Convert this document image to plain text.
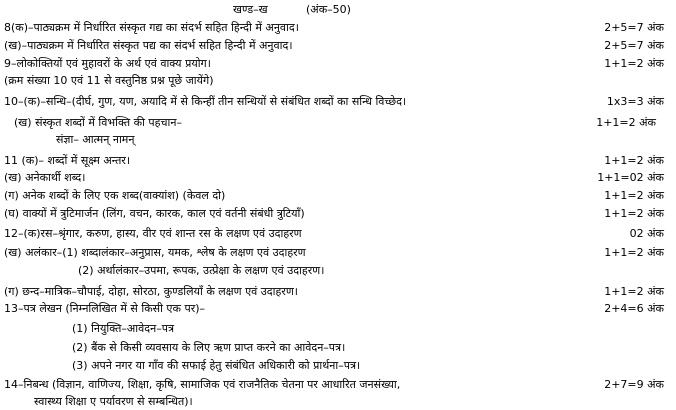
खण्ड–ख	(अंक–50)
8(क)–पाठ्यक्रम में निर्धारित संस्कृत गद्य का संदर्भ सहित हिन्दी में अनुवाद।	2+5=7 अंक
(ख)–पाठ्यक्रम में निर्धारित संस्कृत पद्य का संदर्भ सहित हिन्दी में अनुवाद।	2+5=7 अंक
9–लोकोक्तियों एवं मुहावरों के अर्थ एवं वाक्य प्रयोग।	1+1=2 अंक
(क्रम संख्या 10 एवं 11 से वस्तुनिष्ठ प्रश्न पूछे जायेंगे)
10–(क)–सन्धि–(दीर्घ, गुण, यण, अयादि में से किन्हीं तीन सन्धियों से संबंधित शब्दों का सन्धि विच्छेद।	1x3=3 अंक
(ख) संस्कृत शब्दों में विभक्ति की पहचान–	1+1=2 अंक
संज्ञा– आत्मन् नामन्
11 (क)– शब्दों में सूक्ष्म अन्तर।	1+1=2 अंक
(ख) अनेकार्थी शब्द।	1+1=02 अंक
(ग) अनेक शब्दों के लिए एक शब्द(वाक्यांश) (केवल दो)	1+1=2 अंक
(घ) वाक्यों में त्रुटिमार्जन (लिंग, वचन, कारक, काल एवं वर्तनी संबंधी त्रुटियाँ)	1+1=2 अंक
12–(क)रस–श्रृंगार, करुण, हास्य, वीर एवं शान्त रस के लक्षण एवं उदाहरण	02 अंक
(ख) अलंकार–(1) शब्दालंकार–अनुप्रास, यमक, श्लेष के लक्षण एवं उदाहरण	1+1=2 अंक
(2) अर्थालंकार–उपमा, रूपक, उत्प्रेक्षा के लक्षण एवं उदाहरण।
(ग) छन्द–मात्रिक–चौपाई, दोहा, सोरठा, कुण्डलियाँ के लक्षण एवं उदाहरण।	1+1=2 अंक
13–पत्र लेखन (निम्नलिखित में से किसी एक पर)–	2+4=6 अंक
(1) नियुक्ति–आवेदन–पत्र
(2) बैंक से किसी व्यवसाय के लिए ऋण प्राप्त करने का आवेदन–पत्र।
(3) अपने नगर या गाँव की सफाई हेतु संबंधित अधिकारी को प्रार्थना–पत्र।
14–निबन्ध (विज्ञान, वाणिज्य, शिक्षा, कृषि, सामाजिक एवं राजनैतिक चेतना पर आधारित जनसंख्या,	2+7=9 अंक
स्वास्थ्य शिक्षा ए पर्यावरण से सम्बन्धित)।
